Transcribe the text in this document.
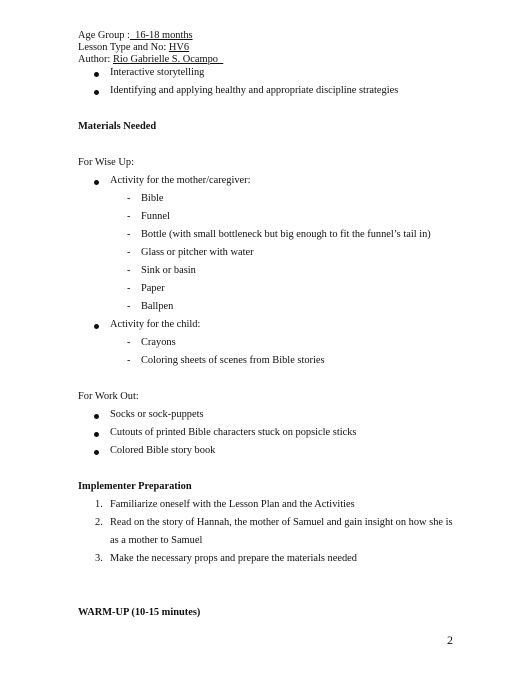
Age Group :_16-18 months
Lesson Type and No: HV6
Author: Rio Gabrielle S. Ocampo_
Interactive storytelling
Identifying and applying healthy and appropriate discipline strategies
Materials Needed
For Wise Up:
Activity for the mother/caregiver:
- Bible
- Funnel
- Bottle (with small bottleneck but big enough to fit the funnel’s tail in)
- Glass or pitcher with water
- Sink or basin
- Paper
- Ballpen
Activity for the child:
- Crayons
- Coloring sheets of scenes from Bible stories
For Work Out:
Socks or sock-puppets
Cutouts of printed Bible characters stuck on popsicle sticks
Colored Bible story book
Implementer Preparation
1. Familiarize oneself with the Lesson Plan and the Activities
2. Read on the story of Hannah, the mother of Samuel and gain insight on how she is
as a mother to Samuel
3. Make the necessary props and prepare the materials needed
WARM-UP (10-15 minutes)
2
